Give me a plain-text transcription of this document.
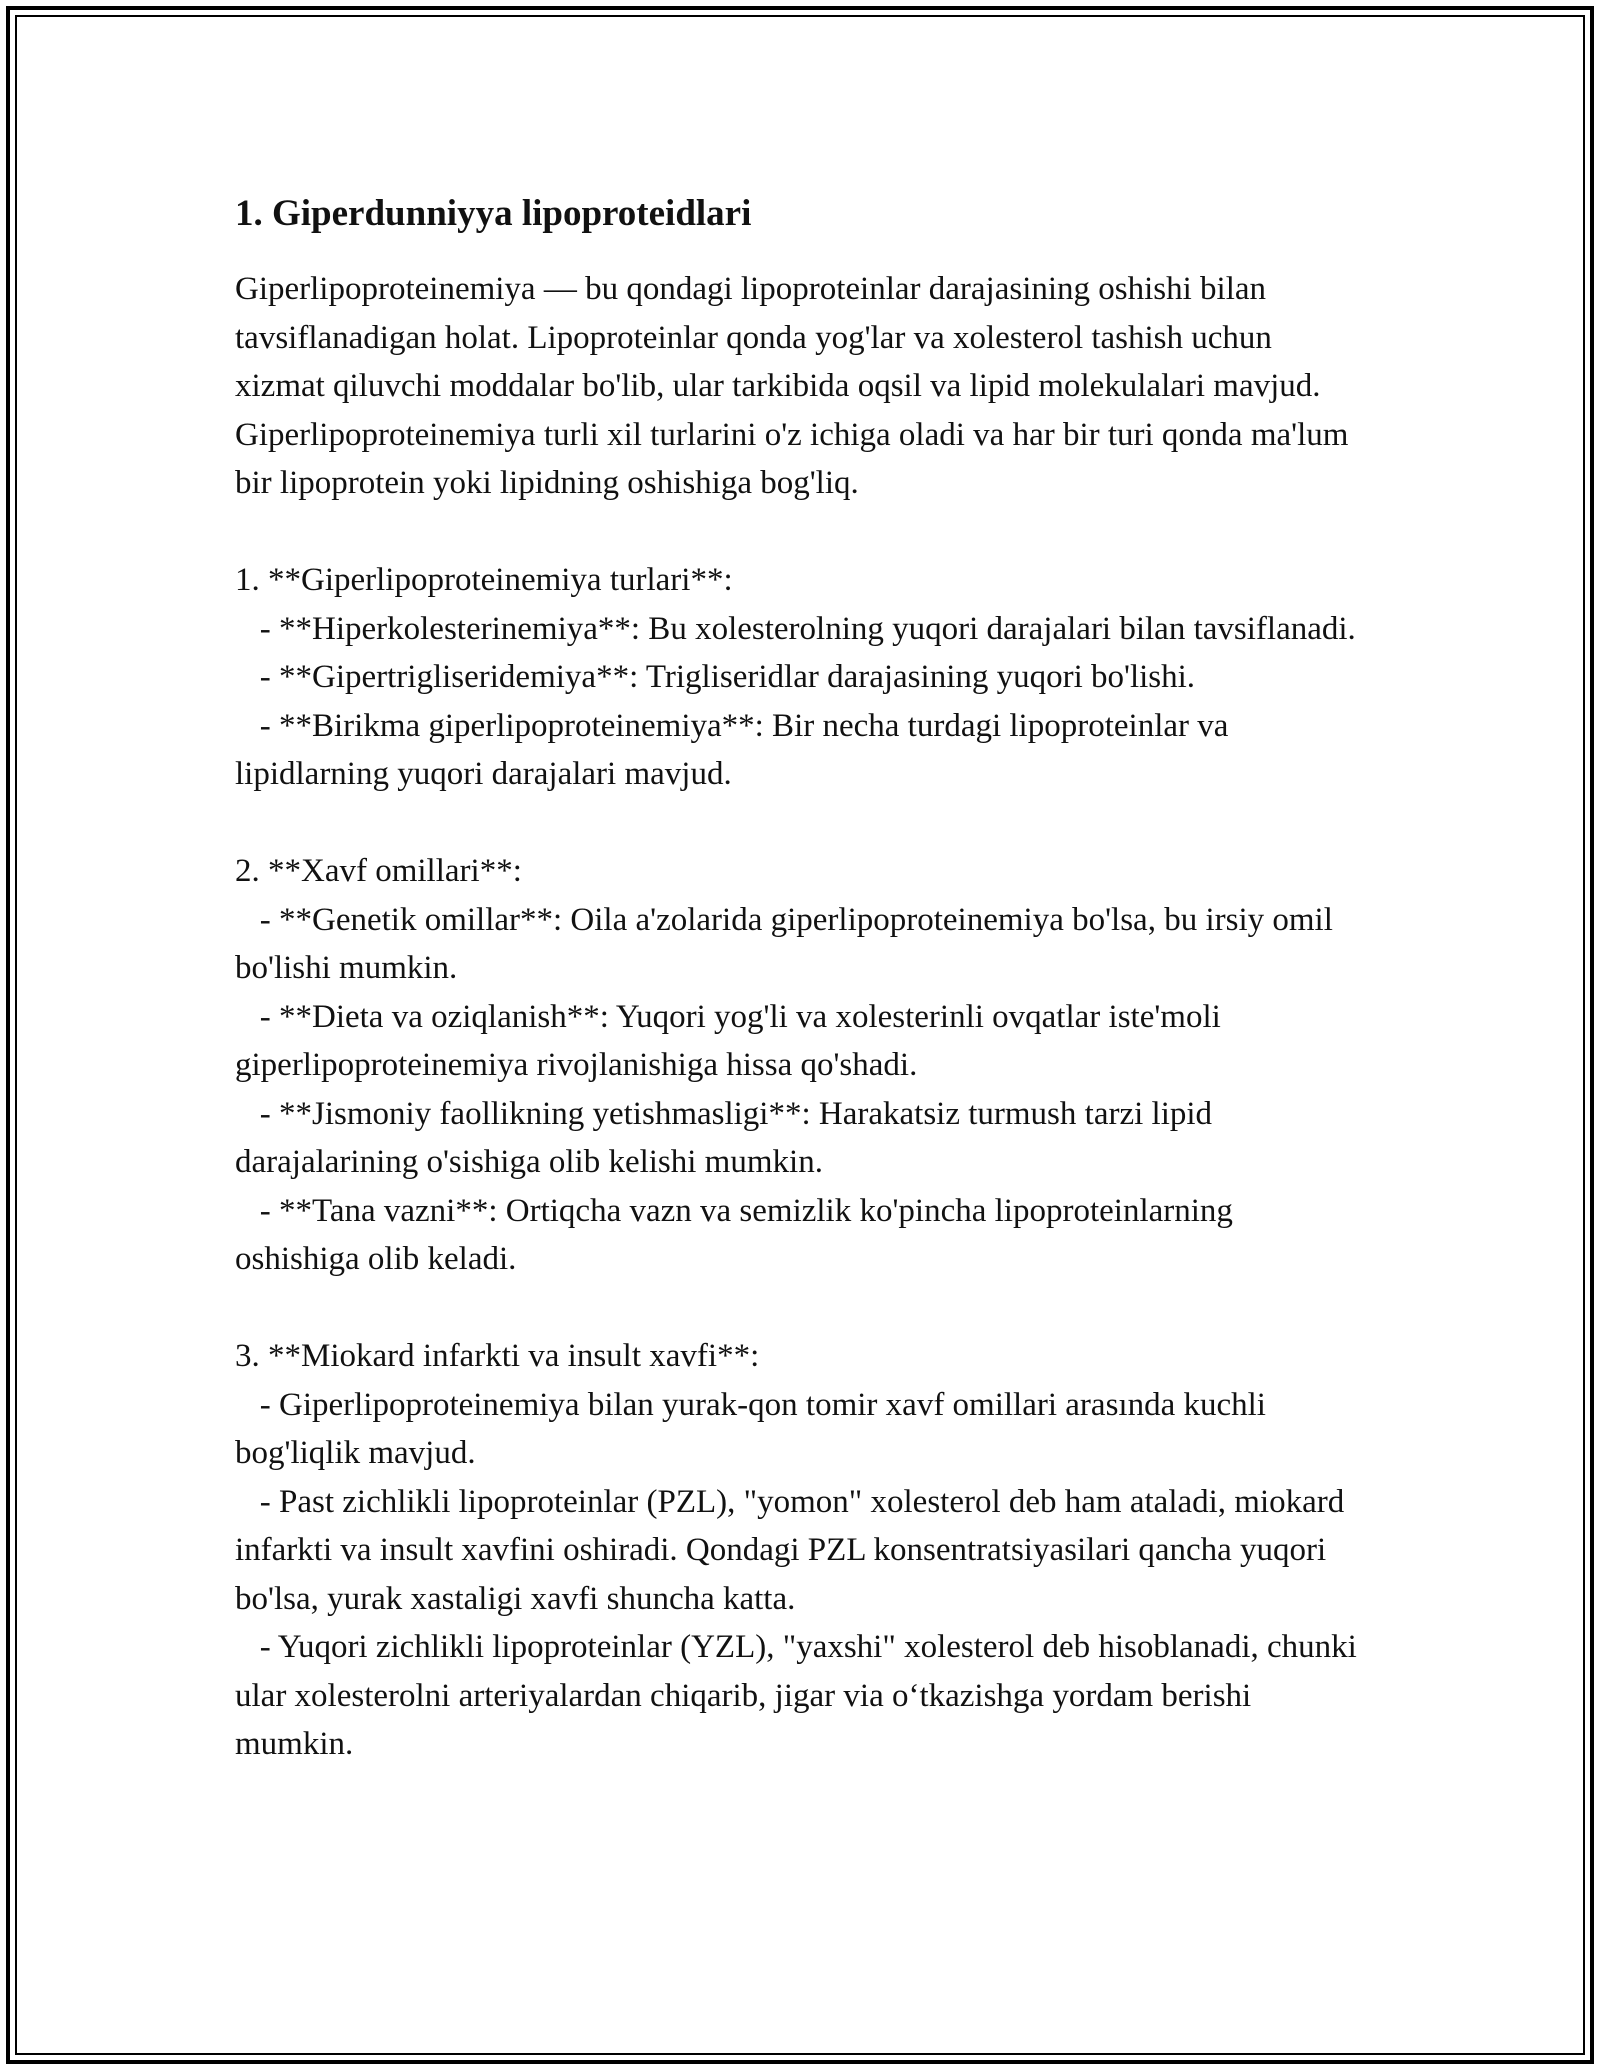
1. Giperdunniyya lipoproteidlari

Giperlipoproteinemiya — bu qondagi lipoproteinlar darajasining oshishi bilan tavsiflanadigan holat. Lipoproteinlar qonda yog'lar va xolesterol tashish uchun xizmat qiluvchi moddalar bo'lib, ular tarkibida oqsil va lipid molekulalari mavjud. Giperlipoproteinemiya turli xil turlarini o'z ichiga oladi va har bir turi qonda ma'lum bir lipoprotein yoki lipidning oshishiga bog'liq.

1. **Giperlipoproteinemiya turlari**:

- **Hiperkolesterinemiya**: Bu xolesterolning yuqori darajalari bilan tavsiflanadi.

- **Gipertrigliseridemiya**: Trigliseridlar darajasining yuqori bo'lishi.

- **Birikma giperlipoproteinemiya**: Bir necha turdagi lipoproteinlar va lipidlarning yuqori darajalari mavjud.

2. **Xavf omillari**:

- **Genetik omillar**: Oila a'zolarida giperlipoproteinemiya bo'lsa, bu irsiy omil bo'lishi mumkin.

- **Dieta va oziqlanish**: Yuqori yog'li va xolesterinli ovqatlar iste'moli giperlipoproteinemiya rivojlanishiga hissa qo'shadi.

- **Jismoniy faollikning yetishmasligi**: Harakatsiz turmush tarzi lipid darajalarining o'sishiga olib kelishi mumkin.

- **Tana vazni**: Ortiqcha vazn va semizlik ko'pincha lipoproteinlarning oshishiga olib keladi.

3. **Miokard infarkti va insult xavfi**:

- Giperlipoproteinemiya bilan yurak-qon tomir xavf omillari arasında kuchli bog'liqlik mavjud.

- Past zichlikli lipoproteinlar (PZL), "yomon" xolesterol deb ham ataladi, miokard infarkti va insult xavfini oshiradi. Qondagi PZL konsentratsiyasilari qancha yuqori bo'lsa, yurak xastaligi xavfi shuncha katta.

- Yuqori zichlikli lipoproteinlar (YZL), "yaxshi" xolesterol deb hisoblanadi, chunki ular xolesterolni arteriyalardan chiqarib, jigar via o‘tkazishga yordam berishi mumkin.
